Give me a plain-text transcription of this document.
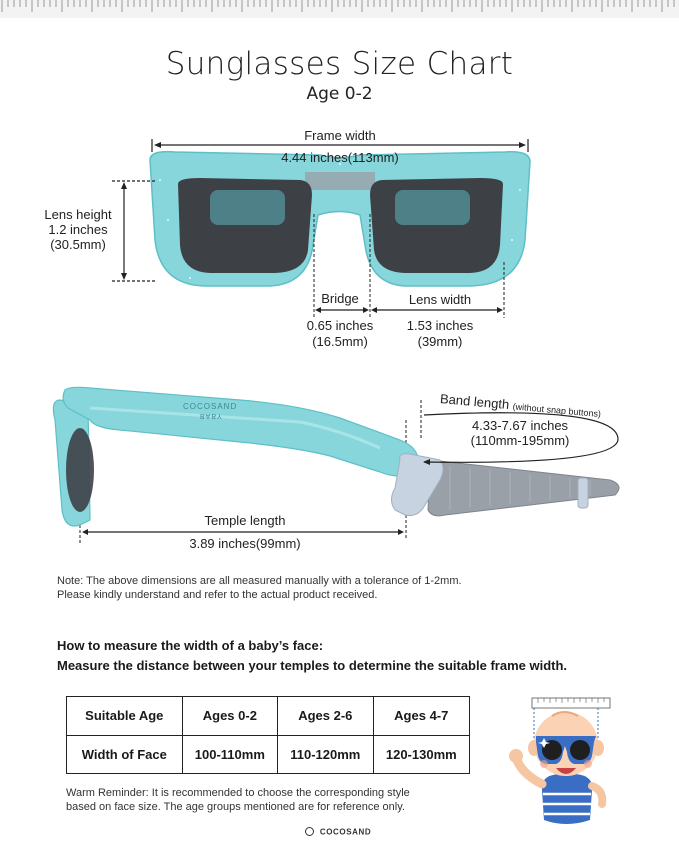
Sunglasses Size Chart
Age 0-2
Frame width
4.44 inches(113mm)
Lens height
1.2 inches
(30.5mm)
Bridge
0.65 inches
(16.5mm)
Lens width
1.53 inches
(39mm)
COCOSAND
BABY
Band length (without snap buttons)
4.33-7.67 inches
(110mm-195mm)
Temple length
3.89 inches(99mm)
Note: The above dimensions are all measured manually with a tolerance of 1-2mm.
Please kindly understand and refer to the actual product received.
How to measure the width of a baby’s face:
Measure the distance between your temples to determine the suitable frame width.
Suitable Age	Ages 0-2	Ages 2-6	Ages 4-7
Width of Face	100-110mm	110-120mm	120-130mm
Warm Reminder: It is recommended to choose the corresponding style
based on face size. The age groups mentioned are for reference only.
COCOSAND
